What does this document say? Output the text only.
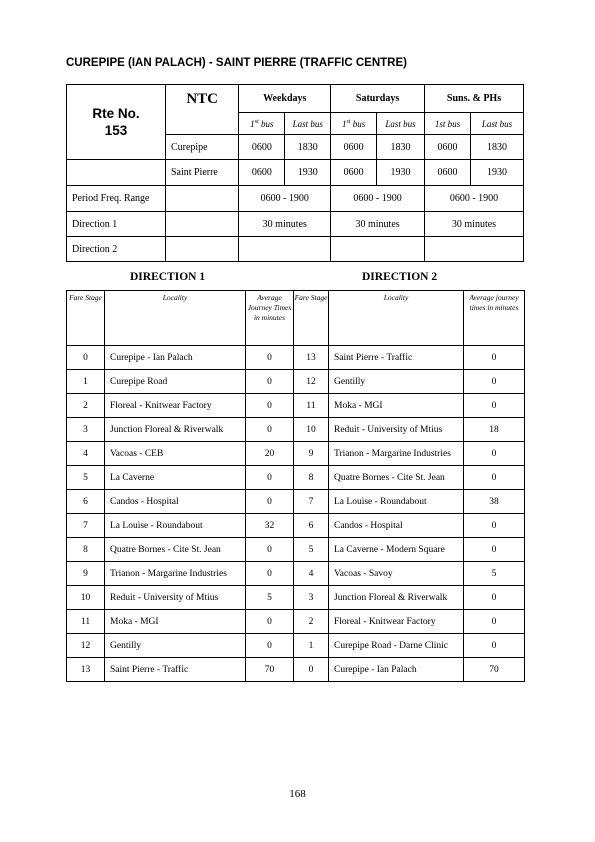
CUREPIPE (IAN PALACH) - SAINT PIERRE (TRAFFIC CENTRE)
Rte No.
153	NTC	Weekdays		Saturdays		Suns. & PHs	
		1st bus	Last bus	1st bus	Last bus	1st bus	Last bus
	Curepipe	0600	1830	0600	1830	0600	1830
	Saint Pierre	0600	1930	0600	1930	0600	1930
Period Freq. Range		0600 - 1900		0600 - 1900		0600 - 1900	
Direction 1		30 minutes		30 minutes		30 minutes	
Direction 2							
DIRECTION 1	DIRECTION 2
Fare Stage	Locality	Average Journey Times in minutes	Fare Stage	Locality	Average journey times in minutes
0	Curepipe - Ian Palach	0	13	Saint Pierre - Traffic	0
1	Curepipe Road	0	12	Gentilly	0
2	Floreal - Knitwear Factory	0	11	Moka - MGI	0
3	Junction Floreal & Riverwalk	0	10	Reduit - University of Mtius	18
4	Vacoas - CEB	20	9	Trianon - Margarine Industries	0
5	La Caverne	0	8	Quatre Bornes - Cite St. Jean	0
6	Candos - Hospital	0	7	La Louise - Roundabout	38
7	La Louise - Roundabout	32	6	Candos - Hospital	0
8	Quatre Bornes - Cite St. Jean	0	5	La Caverne - Modern Square	0
9	Trianon - Margarine Industries	0	4	Vacoas - Savoy	5
10	Reduit - University of Mtius	5	3	Junction Floreal & Riverwalk	0
11	Moka - MGI	0	2	Floreal - Knitwear Factory	0
12	Gentilly	0	1	Curepipe Road - Darne Clinic	0
13	Saint Pierre - Traffic	70	0	Curepipe - Ian Palach	70
168
